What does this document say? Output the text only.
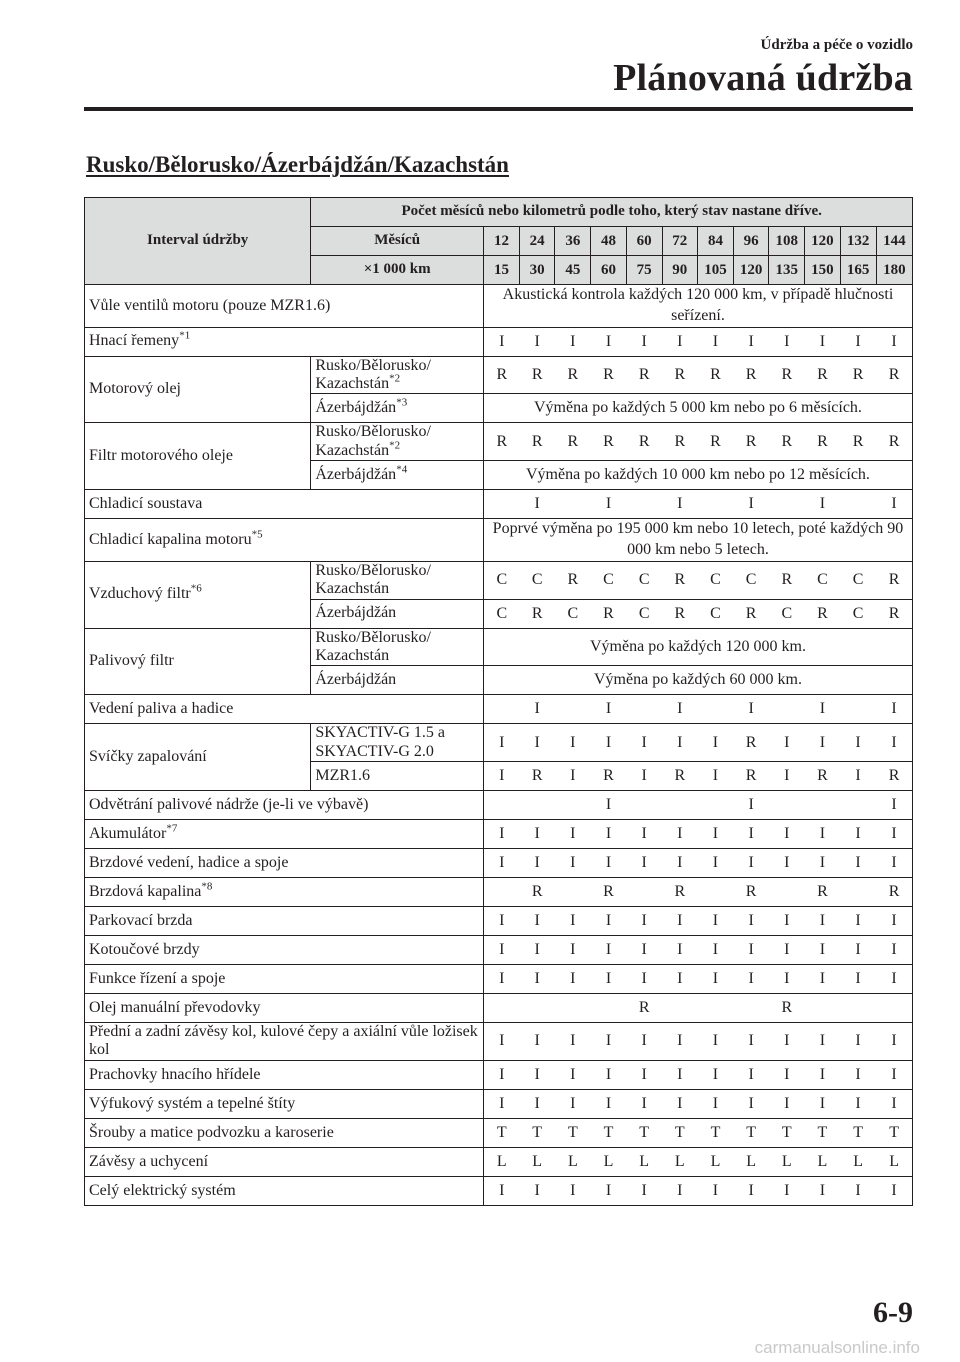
Údržba a péče o vozidlo
Plánovaná údržba
Rusko/Bělorusko/Ázerbájdžán/Kazachstán
Interval údržby	Počet měsíců nebo kilometrů podle toho, který stav nastane dříve.												
	Měsíců	12	24	36	48	60	72	84	96	108	120	132	144
	×1 000 km	15	30	45	60	75	90	105	120	135	150	165	180
Vůle ventilů motoru (pouze MZR1.6)		Akustická kontrola každých 120 000 km, v případě hlučnosti seřízení.											
Hnací řemeny$^{*1}$		I	I	I	I	I	I	I	I	I	I	I	I
Motorový olej	Rusko/Bělorusko/ Kazachstán$^{*2}$	R	R	R	R	R	R	R	R	R	R	R	R
	Ázerbájdžán$^{*3}$	Výměna po každých 5 000 km nebo po 6 měsících.											
Filtr motorového oleje	Rusko/Bělorusko/ Kazachstán$^{*2}$	R	R	R	R	R	R	R	R	R	R	R	R
	Ázerbájdžán$^{*4}$	Výměna po každých 10 000 km nebo po 12 měsících.											
Chladicí soustava			I		I		I		I		I		I
Chladicí kapalina motoru$^{*5}$		Poprvé výměna po 195 000 km nebo 10 letech, poté každých 90 000 km nebo 5 letech.											
Vzduchový filtr$^{*6}$	Rusko/Bělorusko/ Kazachstán	C	C	R	C	C	R	C	C	R	C	C	R
	Ázerbájdžán	C	R	C	R	C	R	C	R	C	R	C	R
Palivový filtr	Rusko/Bělorusko/ Kazachstán	Výměna po každých 120 000 km.											
	Ázerbájdžán	Výměna po každých 60 000 km.											
Vedení paliva a hadice			I		I		I		I		I		I
Svíčky zapalování	SKYACTIV-G 1.5 a SKYACTIV-G 2.0	I	I	I	I	I	I	I	R	I	I	I	I
	MZR1.6	I	R	I	R	I	R	I	R	I	R	I	R
Odvětrání palivové nádrže (je-li ve výbavě)					I				I				I
Akumulátor$^{*7}$		I	I	I	I	I	I	I	I	I	I	I	I
Brzdové vedení, hadice a spoje		I	I	I	I	I	I	I	I	I	I	I	I
Brzdová kapalina$^{*8}$			R		R		R		R		R		R
Parkovací brzda		I	I	I	I	I	I	I	I	I	I	I	I
Kotoučové brzdy		I	I	I	I	I	I	I	I	I	I	I	I
Funkce řízení a spoje		I	I	I	I	I	I	I	I	I	I	I	I
Olej manuální převodovky						R				R			
Přední a zadní závěsy kol, kulové čepy a axiální vůle ložisek kol		I	I	I	I	I	I	I	I	I	I	I	I
Prachovky hnacího hřídele		I	I	I	I	I	I	I	I	I	I	I	I
Výfukový systém a tepelné štíty		I	I	I	I	I	I	I	I	I	I	I	I
Šrouby a matice podvozku a karoserie		T	T	T	T	T	T	T	T	T	T	T	T
Závěsy a uchycení		L	L	L	L	L	L	L	L	L	L	L	L
Celý elektrický systém		I	I	I	I	I	I	I	I	I	I	I	I
6-9
carmanualsonline.info
